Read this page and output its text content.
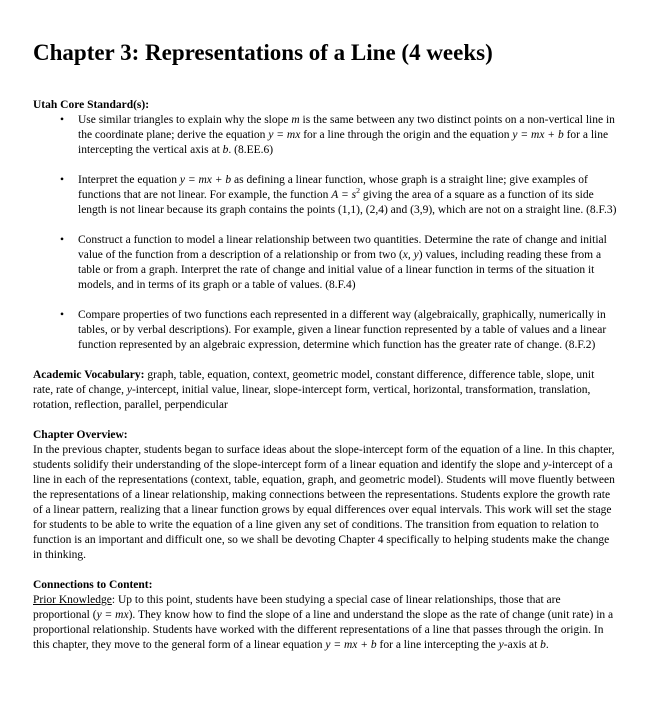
Chapter 3: Representations of a Line (4 weeks)
Utah Core Standard(s):
•	Use similar triangles to explain why the slope m is the same between any two distinct points on a non-vertical line in the coordinate plane; derive the equation y = mx for a line through the origin and the equation y = mx + b for a line intercepting the vertical axis at b. (8.EE.6)
•	Interpret the equation y = mx + b as defining a linear function, whose graph is a straight line; give examples of functions that are not linear. For example, the function $A = s^2$ giving the area of a square as a function of its side length is not linear because its graph contains the points (1,1), (2,4) and (3,9), which are not on a straight line. (8.F.3)
•	Construct a function to model a linear relationship between two quantities. Determine the rate of change and initial value of the function from a description of a relationship or from two (x, y) values, including reading these from a table or from a graph. Interpret the rate of change and initial value of a linear function in terms of the situation it models, and in terms of its graph or a table of values. (8.F.4)
•	Compare properties of two functions each represented in a different way (algebraically, graphically, numerically in tables, or by verbal descriptions). For example, given a linear function represented by a table of values and a linear function represented by an algebraic expression, determine which function has the greater rate of change. (8.F.2)

Academic Vocabulary: graph, table, equation, context, geometric model, constant difference, difference table, slope, unit rate, rate of change, y-intercept, initial value, linear, slope-intercept form, vertical, horizontal, transformation, translation, rotation, reflection, parallel, perpendicular

Chapter Overview:

In the previous chapter, students began to surface ideas about the slope-intercept form of the equation of a line. In this chapter, students solidify their understanding of the slope-intercept form of a linear equation and identify the slope and y-intercept of a line in each of the representations (context, table, equation, graph, and geometric model). Students will move fluently between the representations of a linear relationship, making connections between the representations. Students explore the growth rate of a linear pattern, realizing that a linear function grows by equal differences over equal intervals. This work will set the stage for students to be able to write the equation of a line given any set of conditions. The transition from equation to relation to function is an important and difficult one, so we shall be devoting Chapter 4 specifically to helping students make the change in thinking.

Connections to Content:

Prior Knowledge: Up to this point, students have been studying a special case of linear relationships, those that are proportional (y = mx). They know how to find the slope of a line and understand the slope as the rate of change (unit rate) in a proportional relationship. Students have worked with the different representations of a line that passes through the origin. In this chapter, they move to the general form of a linear equation y = mx + b for a line intercepting the y-axis at b.
